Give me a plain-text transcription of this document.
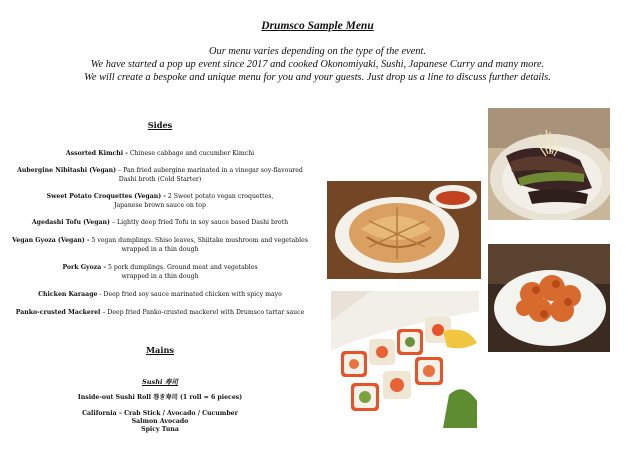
Drumsco Sample Menu
Our menu varies depending on the type of the event.
We have started a pop up event since 2017 and cooked Okonomiyaki, Sushi, Japanese Curry and many more.
We will create a bespoke and unique menu for you and your guests. Just drop us a line to discuss further details.
Sides
Assorted Kimchi - Chinese cabbage and cucumber Kimchi
Aubergine Nibitashi (Vegan) – Pan fried aubergine marinated in a vinegar soy-flavoured
Dashi broth (Cold Starter)
Sweet Potato Croquettes (Vegan) - 2 Sweet potato vegan croquettes,
Japanese brown sauce on top
Agedashi Tofu (Vegan) – Lightly deep fried Tofu in soy sauce based Dashi broth
Vegan Gyoza (Vegan) - 5 vegan dumplings. Shiso leaves, Shiitake mushroom and vegetables
wrapped in a thin dough
Pork Gyoza - 5 pork dumplings. Ground meat and vegetables
wrapped in a thin dough
Chicken Karaage - Deep fried soy sauce marinated chicken with spicy mayo
Panko-crusted Mackerel – Deep fried Panko-crusted mackerel with Drumsco tartar sauce
Mains
Sushi 寿司
Inside-out Sushi Roll 巻き寿司 (1 roll = 6 pieces)
California – Crab Stick / Avocado / Cucumber
Salmon Avocado
Spicy Tuna
